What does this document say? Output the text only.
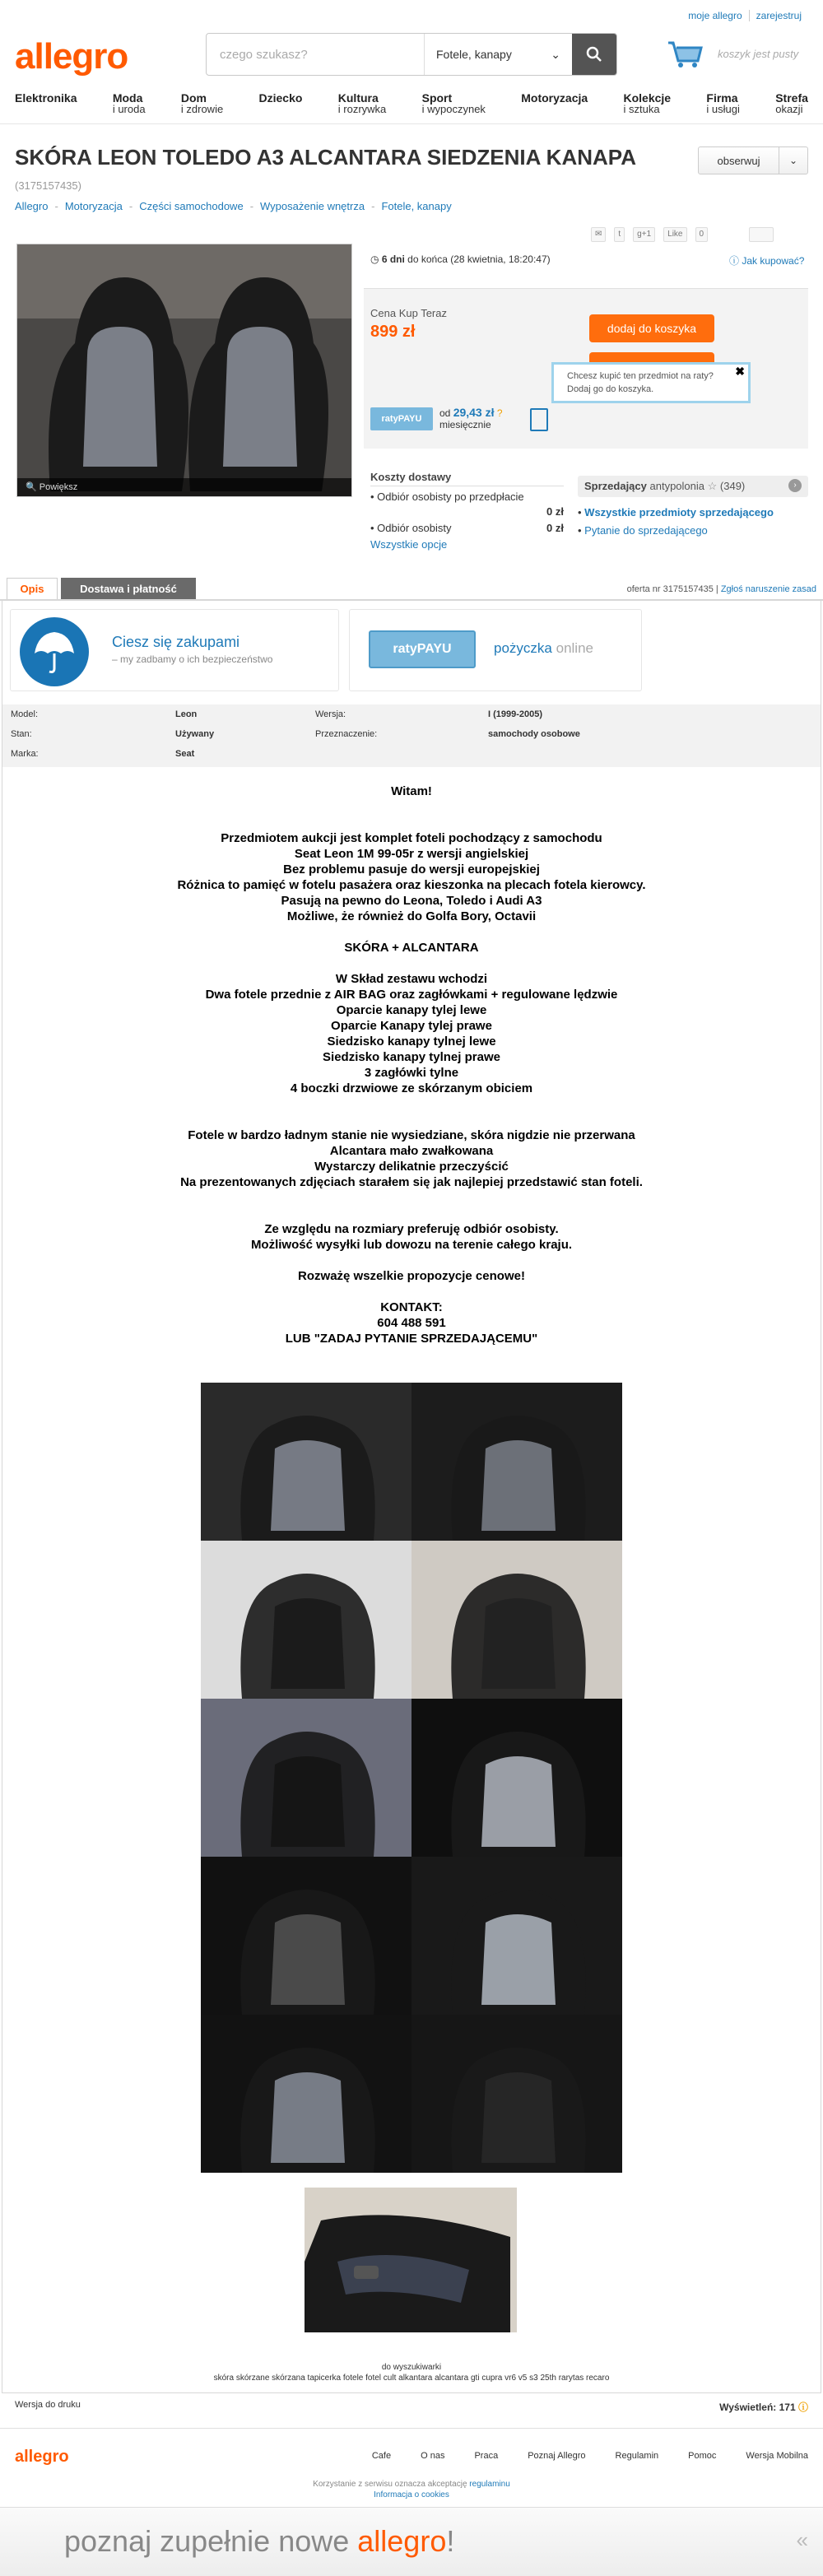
moje allegro zarejestruj
allegro	czego szukasz?	Fotele, kanapy	⌄	koszyk jest pusty
Elektronika	Moda
i uroda
Dom
i zdrowie
Dziecko	Kultura
i rozrywka
Sport
i wypoczynek
Motoryzacja	Kolekcje
i sztuka
Firma
i usługi
Strefa
okazji
SKÓRA LEON TOLEDO A3 ALCANTARA SIEDZENIA KANAPA
(3175157435)
obserwuj	⌄
Allegro - Motoryzacja - Części samochodowe - Wyposażenie wnętrza - Fotele, kanapy
✉	t	g+1	Like	0
🔍 Powiększ
◷ 6 dni do końca (28 kwietnia, 18:20:47)	ⓘ Jak kupować?
Cena Kup Teraz
899 zł	dodaj do koszyka
Chcesz kupić ten przedmiot na raty?
Dodaj go do koszyka.
✖
ratyPAYU	od 29,43 zł ?
miesięcznie
Koszty dostawy
• Odbiór osobisty po przedpłacie
0 zł
• Odbiór osobisty	0 zł
Wszystkie opcje
Sprzedający antypolonia ☆ (349)	›
• Wszystkie przedmioty sprzedającego
• Pytanie do sprzedającego
Opis	Dostawa i płatność	oferta nr 3175157435 | Zgłoś naruszenie zasad
Ciesz się zakupami
– my zadbamy o ich bezpieczeństwo
ratyPAYU	pożyczka online
Model:	Leon	Wersja:	I (1999-2005)
Stan:	Używany	Przeznaczenie:	samochody osobowe
Marka:	Seat		

Witam!

Przedmiotem aukcji jest komplet foteli pochodzący z samochodu

Seat Leon 1M 99-05r z wersji angielskiej

Bez problemu pasuje do wersji europejskiej

Różnica to pamięć w fotelu pasażera oraz kieszonka na plecach fotela kierowcy.

Pasują na pewno do Leona, Toledo i Audi A3

Możliwe, że również do Golfa Bory, Octavii

SKÓRA + ALCANTARA

W Skład zestawu wchodzi

Dwa fotele przednie z AIR BAG oraz zagłówkami + regulowane lędzwie

Oparcie kanapy tylej lewe

Oparcie Kanapy tylej prawe

Siedzisko kanapy tylnej lewe

Siedzisko kanapy tylnej prawe

3 zagłówki tylne

4 boczki drzwiowe ze skórzanym obiciem

Fotele w bardzo ładnym stanie nie wysiedziane, skóra nigdzie nie przerwana

Alcantara mało zwałkowana

Wystarczy delikatnie przeczyścić

Na prezentowanych zdjęciach starałem się jak najlepiej przedstawić stan foteli.

Ze względu na rozmiary preferuję odbiór osobisty.

Możliwość wysyłki lub dowozu na terenie całego kraju.

Rozważę wszelkie propozycje cenowe!

KONTAKT:

604 488 591

LUB "ZADAJ PYTANIE SPRZEDAJĄCEMU"

do wyszukiwarki
skóra skórzane skórzana tapicerka fotele fotel cult alkantara alcantara gti cupra vr6 v5 s3 25th rarytas recaro
Wersja do druku	Wyświetleń: 171 ⓘ
allegro	Cafe	O nas	Praca	Poznaj Allegro	Regulamin	Pomoc	Wersja Mobilna
Korzystanie z serwisu oznacza akceptację regulaminu
Informacja o cookies
poznaj zupełnie nowe allegro!	«
